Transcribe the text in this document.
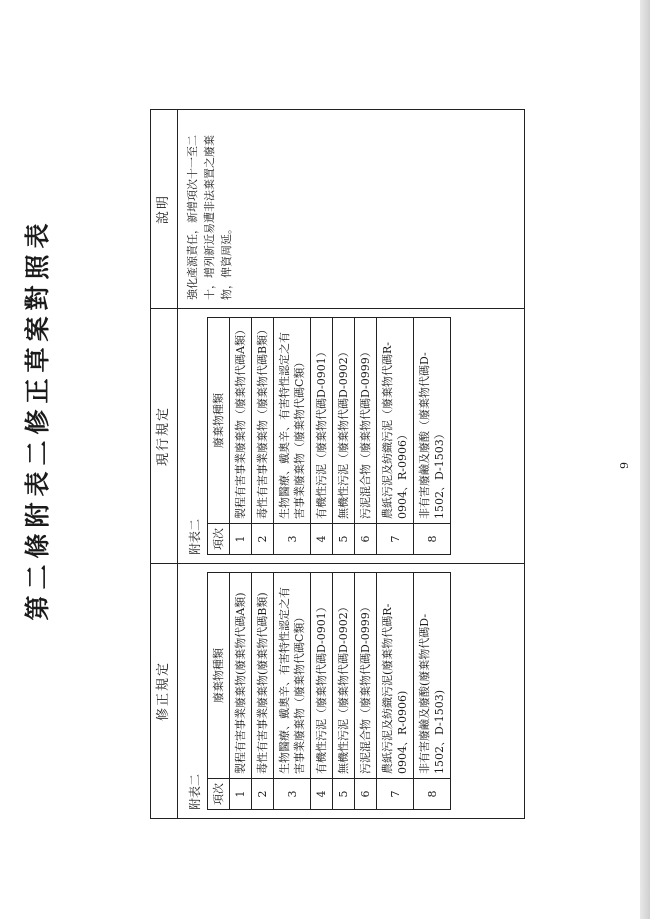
第二條附表二修正草案對照表
修正規定
附表二 項次	廢棄物種類
1	製程有害事業廢棄物(廢棄物代碼A類)
2	毒性有害事業廢棄物(廢棄物代碼B類)
3	生物醫療、戴奧辛、有害特性認定之有害事業廢棄物（廢棄物代碼C類）
4	有機性污泥（廢棄物代碼D-0901）
5	無機性污泥（廢棄物代碼D-0902）
6	污泥混合物（廢棄物代碼D-0999）
7	農紙污泥及紡織污泥(廢棄物代碼R-0904、R-0906)
8	非有害廢鹼及廢酸(廢棄物代碼D-1502、D-1503)
現行規定
附表二 項次	廢棄物種類
1	製程有害事業廢棄物（廢棄物代碼A類）
2	毒性有害事業廢棄物（廢棄物代碼B類）
3	生物醫療、戴奧辛、有害特性認定之有害事業廢棄物（廢棄物代碼C類）
4	有機性污泥（廢棄物代碼D-0901）
5	無機性污泥（廢棄物代碼D-0902）
6	污泥混合物（廢棄物代碼D-0999）
7	農紙污泥及紡織污泥（廢棄物代碼R-0904、R-0906）
8	非有害廢鹼及廢酸（廢棄物代碼D-1502、D-1503）
說明	強化產源責任，新增項次十一至二十，增列新近易遭非法棄置之廢棄物，俾資周延。
9
